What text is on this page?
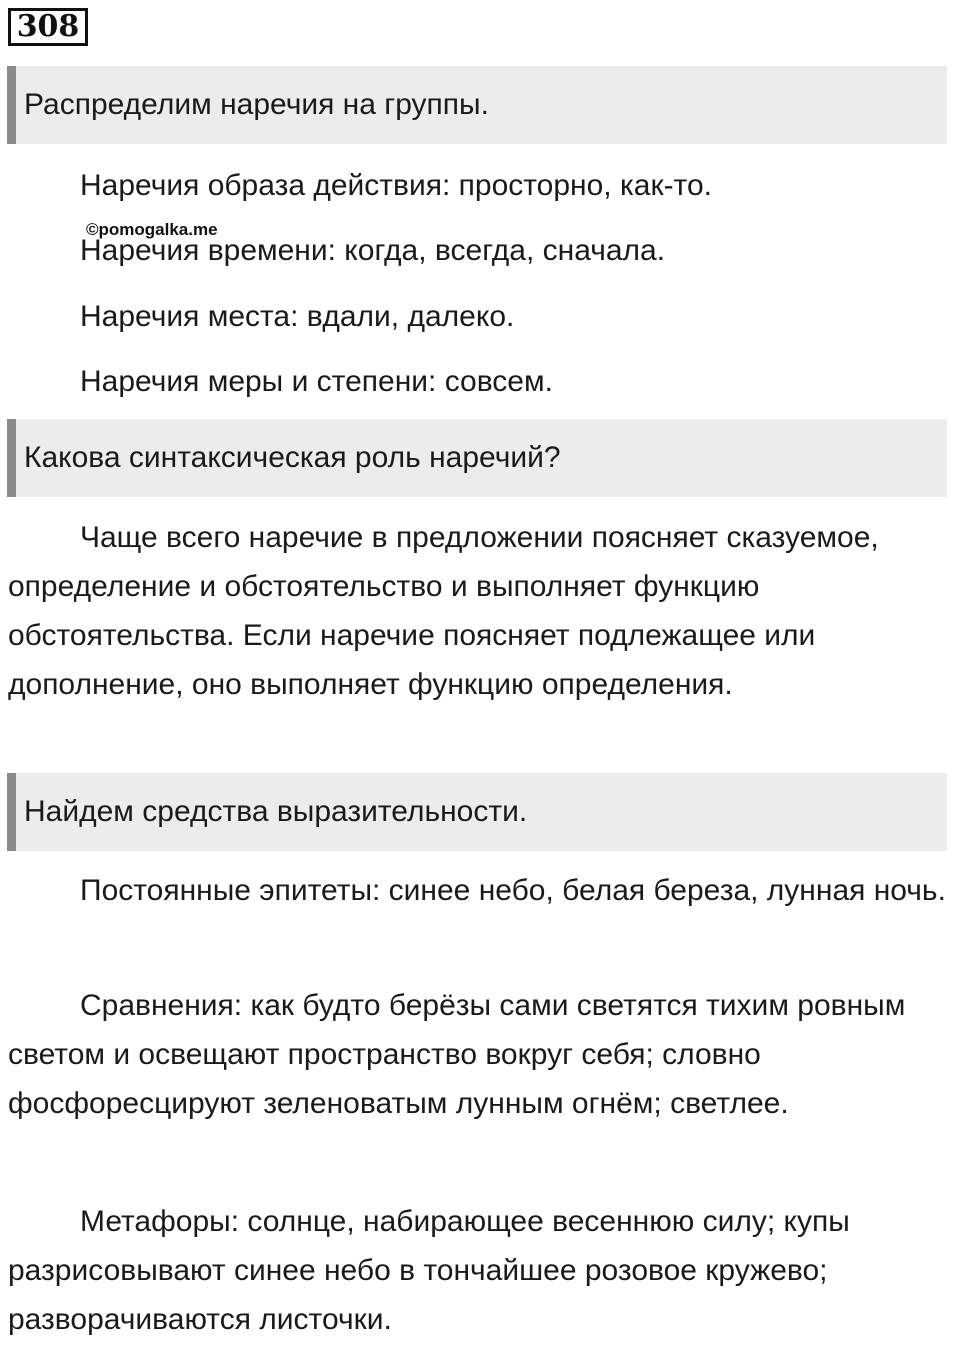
308
Распределим наречия на группы.
Наречия образа действия: просторно, как-то.
©pomogalka.me
Наречия времени: когда, всегда, сначала.
Наречия места: вдали, далеко.
Наречия меры и степени: совсем.
Какова синтаксическая роль наречий?

Чаще всего наречие в предложении поясняет сказуемое, определение и обстоятельство и выполняет функцию обстоятельства. Если наречие поясняет подлежащее или дополнение, оно выполняет функцию определения.

Найдем средства выразительности.

Постоянные эпитеты: синее небо, белая береза, лунная ночь.

Сравнения: как будто берёзы сами светятся тихим ровным светом и освещают пространство вокруг себя; словно фосфоресцируют зеленоватым лунным огнём; светлее.

Метафоры: солнце, набирающее весеннюю силу; купы разрисовывают синее небо в тончайшее розовое кружево; разворачиваются листочки.
